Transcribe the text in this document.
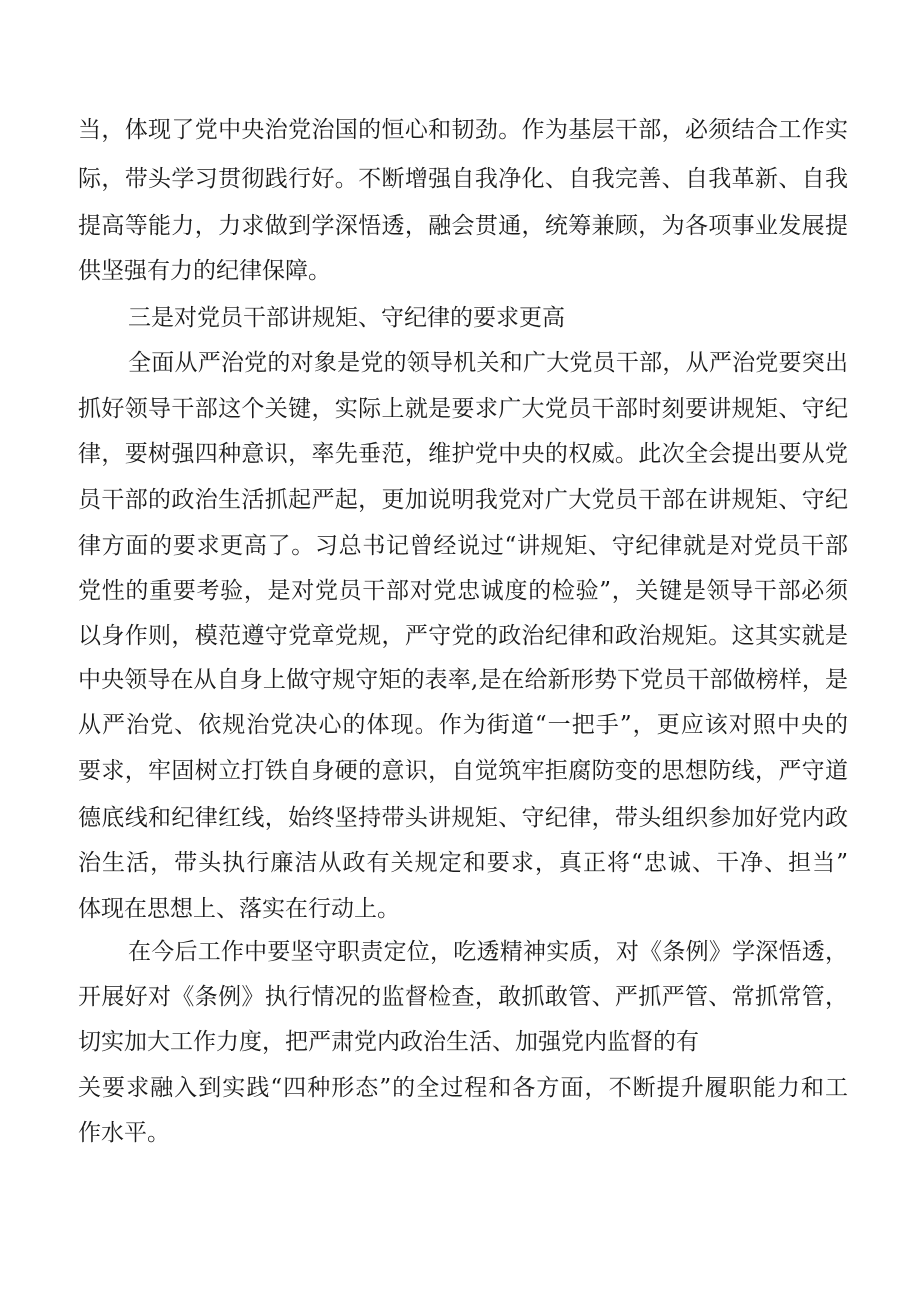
当，体现了党中央治党治国的恒心和韧劲。作为基层干部，必须结合工作实
际，带头学习贯彻践行好。不断增强自我净化、自我完善、自我革新、自我
提高等能力，力求做到学深悟透，融会贯通，统筹兼顾，为各项事业发展提
供坚强有力的纪律保障。
三是对党员干部讲规矩、守纪律的要求更高
全面从严治党的对象是党的领导机关和广大党员干部，从严治党要突出
抓好领导干部这个关键，实际上就是要求广大党员干部时刻要讲规矩、守纪
律，要树强四种意识，率先垂范，维护党中央的权威。此次全会提出要从党
员干部的政治生活抓起严起，更加说明我党对广大党员干部在讲规矩、守纪
律方面的要求更高了。习总书记曾经说过“讲规矩、守纪律就是对党员干部
党性的重要考验，是对党员干部对党忠诚度的检验”，关键是领导干部必须
以身作则，模范遵守党章党规，严守党的政治纪律和政治规矩。这其实就是
中央领导在从自身上做守规守矩的表率,是在给新形势下党员干部做榜样，是
从严治党、依规治党决心的体现。作为街道“一把手”，更应该对照中央的
要求，牢固树立打铁自身硬的意识，自觉筑牢拒腐防变的思想防线，严守道
德底线和纪律红线，始终坚持带头讲规矩、守纪律，带头组织参加好党内政
治生活，带头执行廉洁从政有关规定和要求，真正将“忠诚、干净、担当”
体现在思想上、落实在行动上。
在今后工作中要坚守职责定位，吃透精神实质，对《条例》学深悟透，
开展好对《条例》执行情况的监督检查，敢抓敢管、严抓严管、常抓常管，
切实加大工作力度，把严肃党内政治生活、加强党内监督的有
关要求融入到实践“四种形态”的全过程和各方面，不断提升履职能力和工
作水平。
